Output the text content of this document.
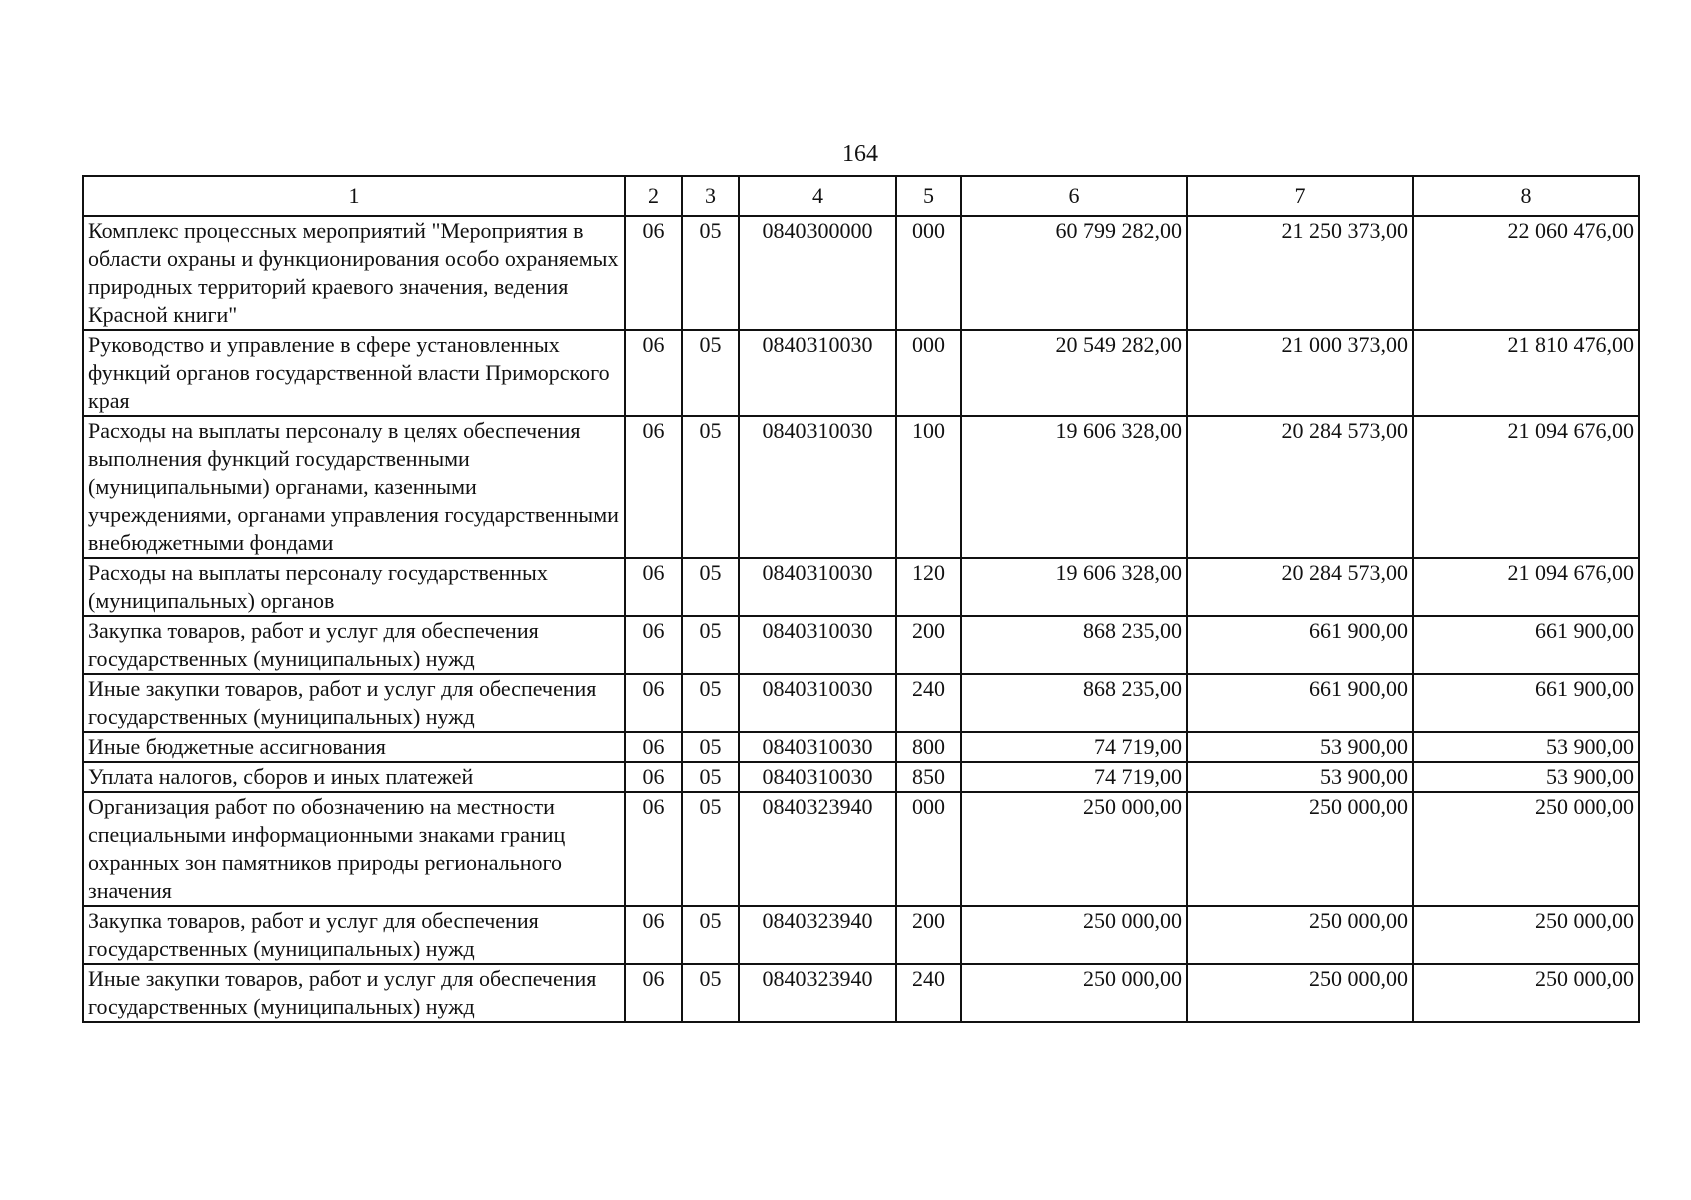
164
1	2	3	4	5	6	7	8
Комплекс процессных мероприятий "Мероприятия в области охраны и функционирования особо охраняемых природных территорий краевого значения, ведения Красной книги"	06	05	0840300000	000	60 799 282,00	21 250 373,00	22 060 476,00
Руководство и управление в сфере установленных функций органов государственной власти Приморского края	06	05	0840310030	000	20 549 282,00	21 000 373,00	21 810 476,00
Расходы на выплаты персоналу в целях обеспечения выполнения функций государственными (муниципальными) органами, казенными учреждениями, органами управления государственными внебюджетными фондами	06	05	0840310030	100	19 606 328,00	20 284 573,00	21 094 676,00
Расходы на выплаты персоналу государственных (муниципальных) органов	06	05	0840310030	120	19 606 328,00	20 284 573,00	21 094 676,00
Закупка товаров, работ и услуг для обеспечения государственных (муниципальных) нужд	06	05	0840310030	200	868 235,00	661 900,00	661 900,00
Иные закупки товаров, работ и услуг для обеспечения государственных (муниципальных) нужд	06	05	0840310030	240	868 235,00	661 900,00	661 900,00
Иные бюджетные ассигнования	06	05	0840310030	800	74 719,00	53 900,00	53 900,00
Уплата налогов, сборов и иных платежей	06	05	0840310030	850	74 719,00	53 900,00	53 900,00
Организация работ по обозначению на местности специальными информационными знаками границ охранных зон памятников природы регионального значения	06	05	0840323940	000	250 000,00	250 000,00	250 000,00
Закупка товаров, работ и услуг для обеспечения государственных (муниципальных) нужд	06	05	0840323940	200	250 000,00	250 000,00	250 000,00
Иные закупки товаров, работ и услуг для обеспечения государственных (муниципальных) нужд	06	05	0840323940	240	250 000,00	250 000,00	250 000,00
